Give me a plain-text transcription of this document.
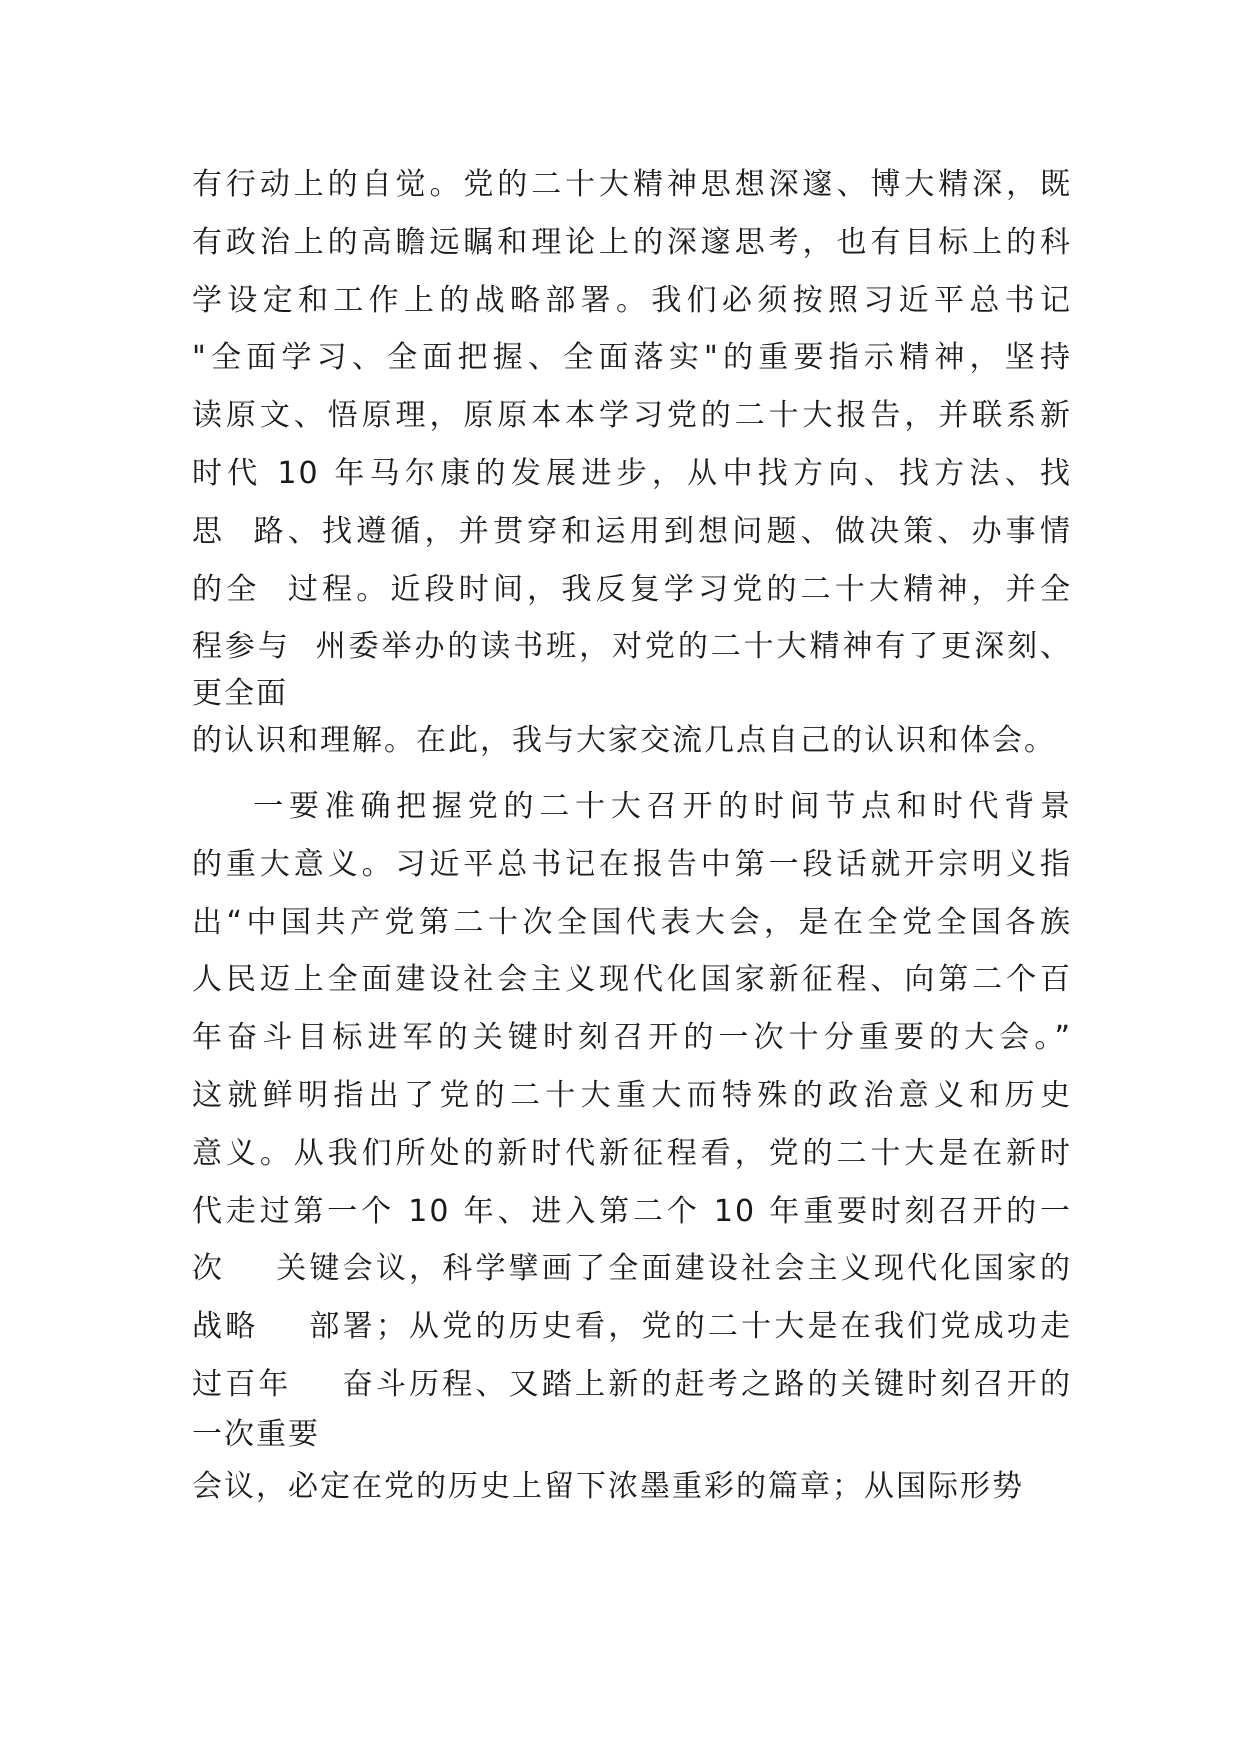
有行动上的自觉。党的二十大精神思想深邃、博大精深，既
有政治上的高瞻远瞩和理论上的深邃思考，也有目标上的科
学设定和工作上的战略部署。我们必须按照习近平总书记
"全面学习、全面把握、全面落实"的重要指示精神，坚持
读原文、悟原理，原原本本学习党的二十大报告，并联系新
时代 10 年马尔康的发展进步，从中找方向、找方法、找
思  路、找遵循，并贯穿和运用到想问题、做决策、办事情
的全  过程。近段时间，我反复学习党的二十大精神，并全
程参与  州委举办的读书班，对党的二十大精神有了更深刻、
更全面
的认识和理解。在此，我与大家交流几点自己的认识和体会。
一要准确把握党的二十大召开的时间节点和时代背景
的重大意义。习近平总书记在报告中第一段话就开宗明义指
出“中国共产党第二十次全国代表大会，是在全党全国各族
人民迈上全面建设社会主义现代化国家新征程、向第二个百
年奋斗目标进军的关键时刻召开的一次十分重要的大会。”
这就鲜明指出了党的二十大重大而特殊的政治意义和历史
意义。从我们所处的新时代新征程看，党的二十大是在新时
代走过第一个 10 年、进入第二个 10 年重要时刻召开的一
次    关键会议，科学擘画了全面建设社会主义现代化国家的
战略    部署；从党的历史看，党的二十大是在我们党成功走
过百年    奋斗历程、又踏上新的赶考之路的关键时刻召开的
一次重要
会议，必定在党的历史上留下浓墨重彩的篇章；从国际形势
